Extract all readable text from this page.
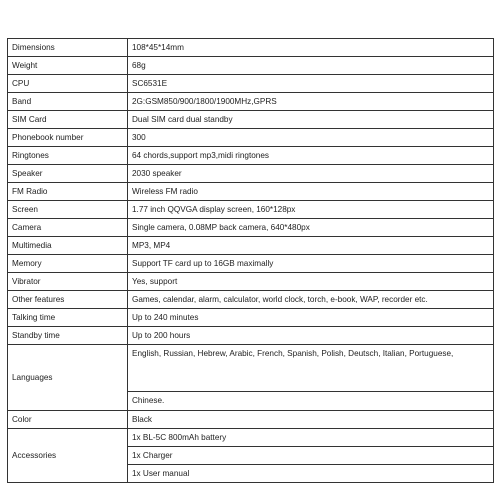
Dimensions	108*45*14mm
Weight	68g
CPU	SC6531E
Band	2G:GSM850/900/1800/1900MHz,GPRS
SIM Card	Dual SIM card dual standby
Phonebook number	300
Ringtones	64 chords,support mp3,midi ringtones
Speaker	2030 speaker
FM Radio	Wireless FM radio
Screen	1.77 inch QQVGA display screen, 160*128px
Camera	Single camera, 0.08MP back camera, 640*480px
Multimedia	MP3, MP4
Memory	Support TF card up to 16GB maximally
Vibrator	Yes, support
Other features	Games, calendar, alarm, calculator, world clock, torch, e-book, WAP, recorder etc.
Talking time	Up to 240 minutes
Standby time	Up to 200 hours
Languages	English, Russian, Hebrew, Arabic, French, Spanish, Polish, Deutsch, Italian, Portuguese,
	Chinese.
Color	Black
Accessories	1x BL-5C 800mAh battery
	1x Charger
	1x User manual
